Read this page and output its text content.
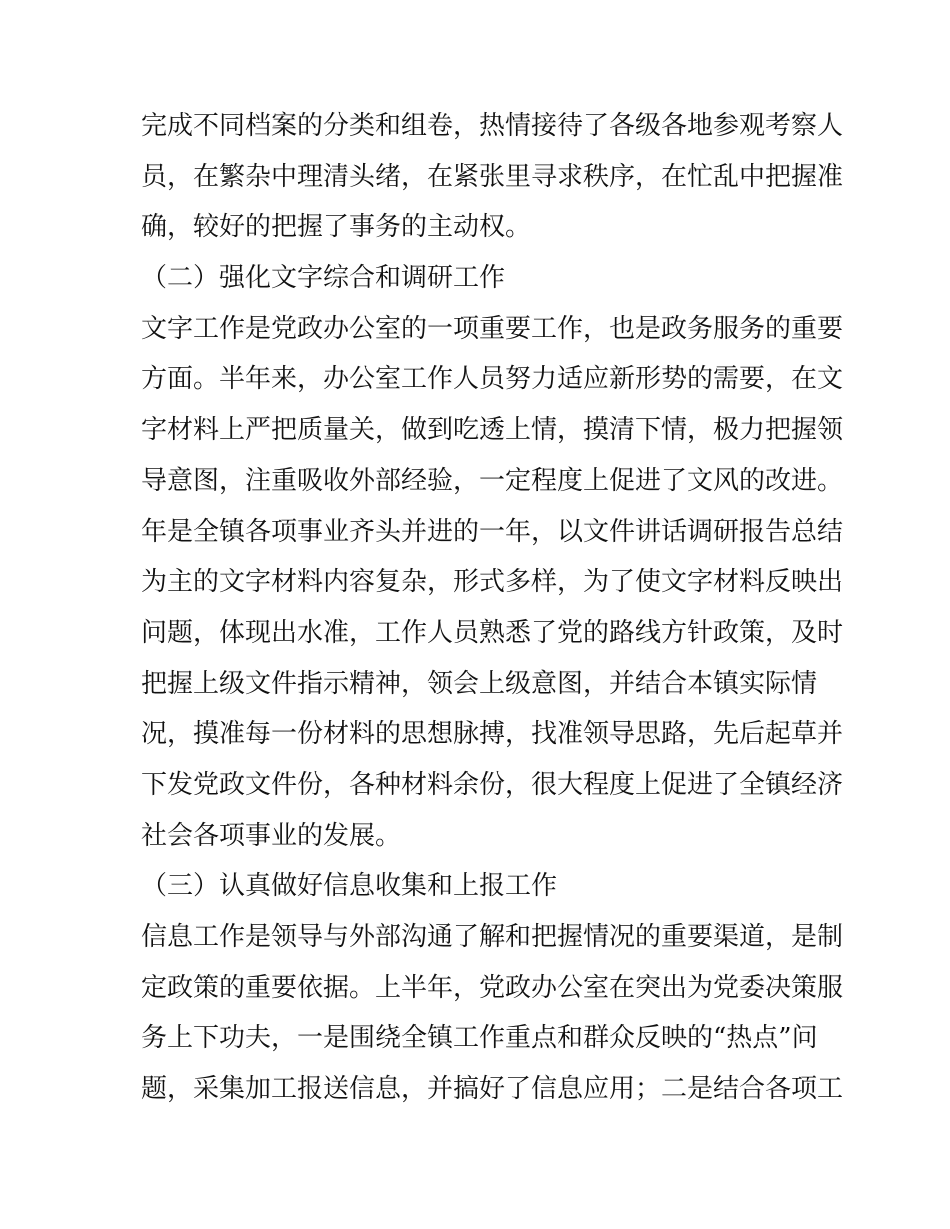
完成不同档案的分类和组卷，热情接待了各级各地参观考察人
员，在繁杂中理清头绪，在紧张里寻求秩序，在忙乱中把握准
确，较好的把握了事务的主动权。
（二）强化文字综合和调研工作
文字工作是党政办公室的一项重要工作，也是政务服务的重要
方面。半年来，办公室工作人员努力适应新形势的需要，在文
字材料上严把质量关，做到吃透上情，摸清下情，极力把握领
导意图，注重吸收外部经验，一定程度上促进了文风的改进。
年是全镇各项事业齐头并进的一年，以文件讲话调研报告总结
为主的文字材料内容复杂，形式多样，为了使文字材料反映出
问题，体现出水准，工作人员熟悉了党的路线方针政策，及时
把握上级文件指示精神，领会上级意图，并结合本镇实际情
况，摸准每一份材料的思想脉搏，找准领导思路，先后起草并
下发党政文件份，各种材料余份，很大程度上促进了全镇经济
社会各项事业的发展。
（三）认真做好信息收集和上报工作
信息工作是领导与外部沟通了解和把握情况的重要渠道，是制
定政策的重要依据。上半年，党政办公室在突出为党委决策服
务上下功夫，一是围绕全镇工作重点和群众反映的“热点”问
题，采集加工报送信息，并搞好了信息应用；二是结合各项工
